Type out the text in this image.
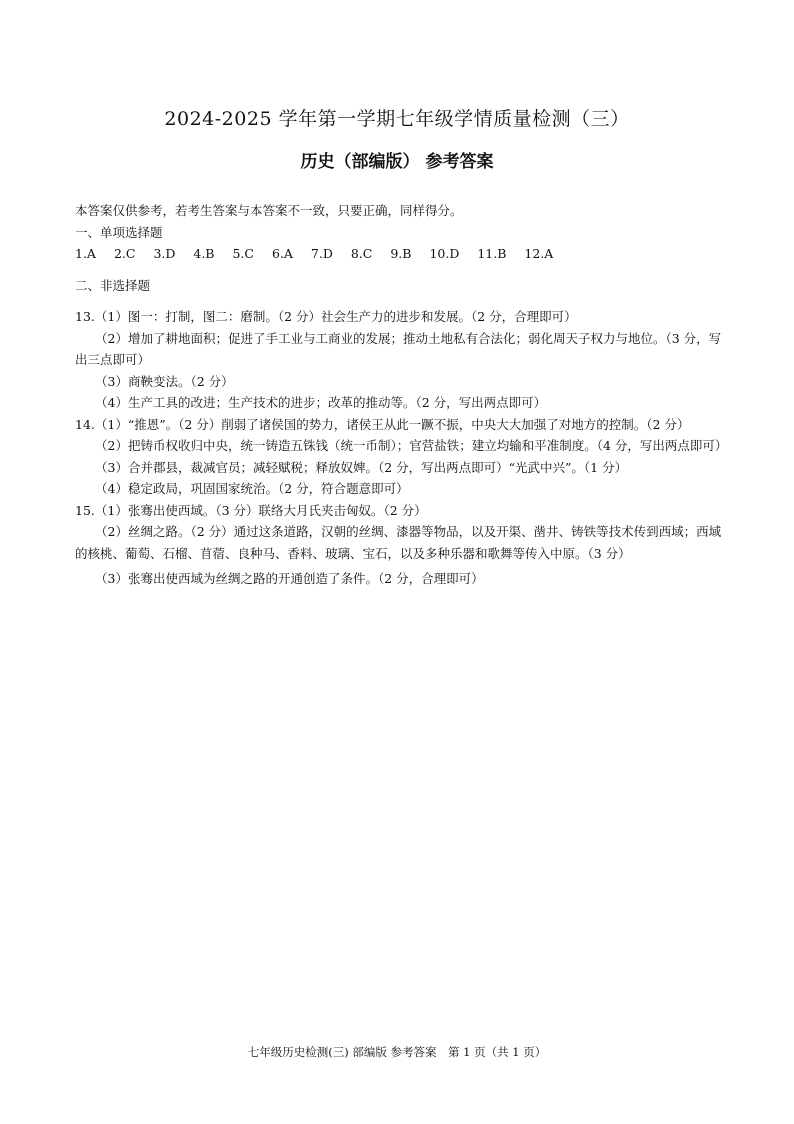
2024-2025 学年第一学期七年级学情质量检测（三）
历史（部编版） 参考答案
本答案仅供参考，若考生答案与本答案不一致，只要正确，同样得分。
一、单项选择题
1.A 2.C 3.D 4.B 5.C 6.A 7.D 8.C 9.B 10.D 11.B 12.A
二、非选择题
13.（1）图一：打制，图二：磨制。（2 分）社会生产力的进步和发展。（2 分，合理即可）
（2）增加了耕地面积；促进了手工业与工商业的发展；推动土地私有合法化；弱化周天子权力与地位。（3 分，写出三点即可）
（3）商鞅变法。（2 分）
（4）生产工具的改进；生产技术的进步；改革的推动等。（2 分，写出两点即可）
14.（1）“推恩”。（2 分）削弱了诸侯国的势力，诸侯王从此一蹶不振，中央大大加强了对地方的控制。（2 分）
（2）把铸币权收归中央，统一铸造五铢钱（统一币制）；官营盐铁；建立均输和平准制度。（4 分，写出两点即可）
（3）合并郡县，裁减官员；减轻赋税；释放奴婢。（2 分，写出两点即可）“光武中兴”。（1 分）
（4）稳定政局，巩固国家统治。（2 分，符合题意即可）
15.（1）张骞出使西域。（3 分）联络大月氏夹击匈奴。（2 分）
（2）丝绸之路。（2 分）通过这条道路，汉朝的丝绸、漆器等物品，以及开渠、凿井、铸铁等技术传到西域；西域的核桃、葡萄、石榴、苜蓿、良种马、香料、玻璃、宝石，以及多种乐器和歌舞等传入中原。（3 分）
（3）张骞出使西域为丝绸之路的开通创造了条件。（2 分，合理即可）
七年级历史检测(三) 部编版 参考答案　第 1 页（共 1 页）
